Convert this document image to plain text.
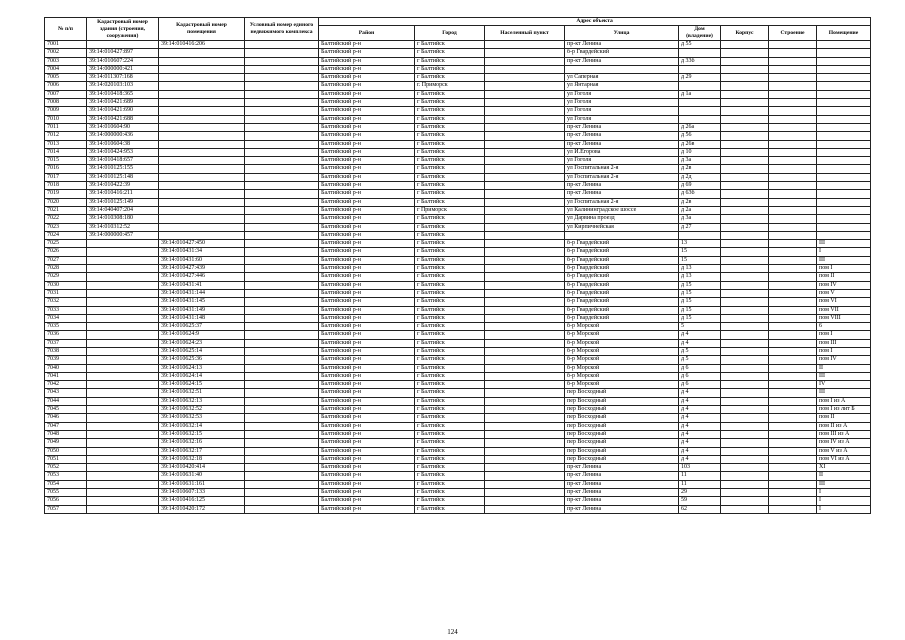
№ п/п	Кадастровый номер здания (строения, сооружения)	Кадастровый номер помещения	Условный номер единого недвижимого комплекса	Адрес объекта							
				Район	Город	Населенный пункт	Улица	Дом (владение)	Корпус	Строение	Помещение
7001		39:14:010416:206		Балтийский р-н	г Балтийск		пр-кт Ленина	д 55			
7002	39:14:010427:897			Балтийский р-н	г Балтийск		б-р Гвардейский				
7003	39:14:010607:224			Балтийский р-н	г Балтийск		пр-кт Ленина	д 33б			
7004	39:14:000000:421			Балтийский р-н	г Балтийск						
7005	39:14:011307:168			Балтийский р-н	г Балтийск		ул Саперная	д 29			
7006	39:14:020103:103			Балтийский р-н	г. Приморск		ул Янтарная				
7007	39:14:010418:365			Балтийский р-н	г Балтийск		ул Гоголя	д 1а			
7008	39:14:010421:689			Балтийский р-н	г Балтийск		ул Гоголя				
7009	39:14:010421:690			Балтийский р-н	г Балтийск		ул Гоголя				
7010	39:14:010421:688			Балтийский р-н	г Балтийск		ул Гоголя				
7011	39:14:010604:90			Балтийский р-н	г Балтийск		пр-кт Ленина	д 26а			
7012	39:14:000000:436			Балтийский р-н	г Балтийск		пр-кт Ленина	д 56			
7013	39:14:010604:38			Балтийский р-н	г Балтийск		пр-кт Ленина	д 26в			
7014	39:14:010424:953			Балтийский р-н	г Балтийск		ул И.Егорова	д 10			
7015	39:14:010418:657			Балтийский р-н	г Балтийск		ул Гоголя	д 3а			
7016	39:14:010125:155			Балтийский р-н	г Балтийск		ул Госпитальная 2-я	д 2в			
7017	39:14:010125:148			Балтийский р-н	г Балтийск		ул Госпитальная 2-я	д 2д			
7018	39:14:010422:39			Балтийский р-н	г Балтийск		пр-кт Ленина	д 69			
7019	39:14:010416:211			Балтийский р-н	г Балтийск		пр-кт Ленина	д 63б			
7020	39:14:010125:149			Балтийский р-н	г Балтийск		ул Госпитальная 2-я	д 2в			
7021	39:14:040407:204			Балтийский р-н	г Приморск		ул Калининградское шоссе	д 2а			
7022	39:14:010308:180			Балтийский р-н	г Балтийск		ул Дарвина проезд	д 3а			
7023	39:14:010312:52			Балтийский р-н	г Балтийск		ул Кирпичнейская	д 27			
7024	39:14:000000:457			Балтийский р-н	г Балтийск						
7025		39:14:010427:450		Балтийский р-н	г Балтийск		б-р Гвардейский	13			III
7026		39:14:010431:34		Балтийский р-н	г Балтийск		б-р Гвардейский	15			I
7027		39:14:010431:60		Балтийский р-н	г Балтийск		б-р Гвардейский	15			III
7028		39:14:010427:439		Балтийский р-н	г Балтийск		б-р Гвардейский	д 13			пом I
7029		39:14:010427:446		Балтийский р-н	г Балтийск		б-р Гвардейский	д 13			пом II
7030		39:14:010431:41		Балтийский р-н	г Балтийск		б-р Гвардейский	д 15			пом IV
7031		39:14:010431:144		Балтийский р-н	г Балтийск		б-р Гвардейский	д 15			пом V
7032		39:14:010431:145		Балтийский р-н	г Балтийск		б-р Гвардейский	д 15			пом VI
7033		39:14:010431:149		Балтийский р-н	г Балтийск		б-р Гвардейский	д 15			пом VII
7034		39:14:010431:148		Балтийский р-н	г Балтийск		б-р Гвардейский	д 15			пом VIII
7035		39:14:010625:37		Балтийский р-н	г Балтийск		б-р Морской	5			6
7036		39:14:010624:9		Балтийский р-н	г Балтийск		б-р Морской	д 4			пом I
7037		39:14:010624:23		Балтийский р-н	г Балтийск		б-р Морской	д 4			пом III
7038		39:14:010625:14		Балтийский р-н	г Балтийск		б-р Морской	д 5			пом I
7039		39:14:010625:36		Балтийский р-н	г Балтийск		б-р Морской	д 5			пом IV
7040		39:14:010624:13		Балтийский р-н	г Балтийск		б-р Морской	д 6			II
7041		39:14:010624:14		Балтийский р-н	г Балтийск		б-р Морской	д 6			III
7042		39:14:010624:15		Балтийский р-н	г Балтийск		б-р Морской	д 6			IV
7043		39:14:010632:51		Балтийский р-н	г Балтийск		пер Восходный	д 4			III
7044		39:14:010632:13		Балтийский р-н	г Балтийск		пер Восходный	д 4			пом I из А
7045		39:14:010632:52		Балтийский р-н	г Балтийск		пер Восходный	д 4			пом I из лит Б
7046		39:14:010632:53		Балтийский р-н	г Балтийск		пер Восходный	д 4			пом II
7047		39:14:010632:14		Балтийский р-н	г Балтийск		пер Восходный	д 4			пом II из А
7048		39:14:010632:15		Балтийский р-н	г Балтийск		пер Восходный	д 4			пом III из А
7049		39:14:010632:16		Балтийский р-н	г Балтийск		пер Восходный	д 4			пом IV из А
7050		39:14:010632:17		Балтийский р-н	г Балтийск		пер Восходный	д 4			пом V из А
7051		39:14:010632:18		Балтийский р-н	г Балтийск		пер Восходный	д 4			пом VI из А
7052		39:14:010420:414		Балтийский р-н	г Балтийск		пр-кт Ленина	103			XI
7053		39:14:010631:40		Балтийский р-н	г Балтийск		пр-кт Ленина	11			II
7054		39:14:010631:161		Балтийский р-н	г Балтийск		пр-кт Ленина	11			III
7055		39:14:010607:133		Балтийский р-н	г Балтийск		пр-кт Ленина	29			I
7056		39:14:010416:125		Балтийский р-н	г Балтийск		пр-кт Ленина	59			I
7057		39:14:010420:172		Балтийский р-н	г Балтийск		пр-кт Ленина	62			I
124
